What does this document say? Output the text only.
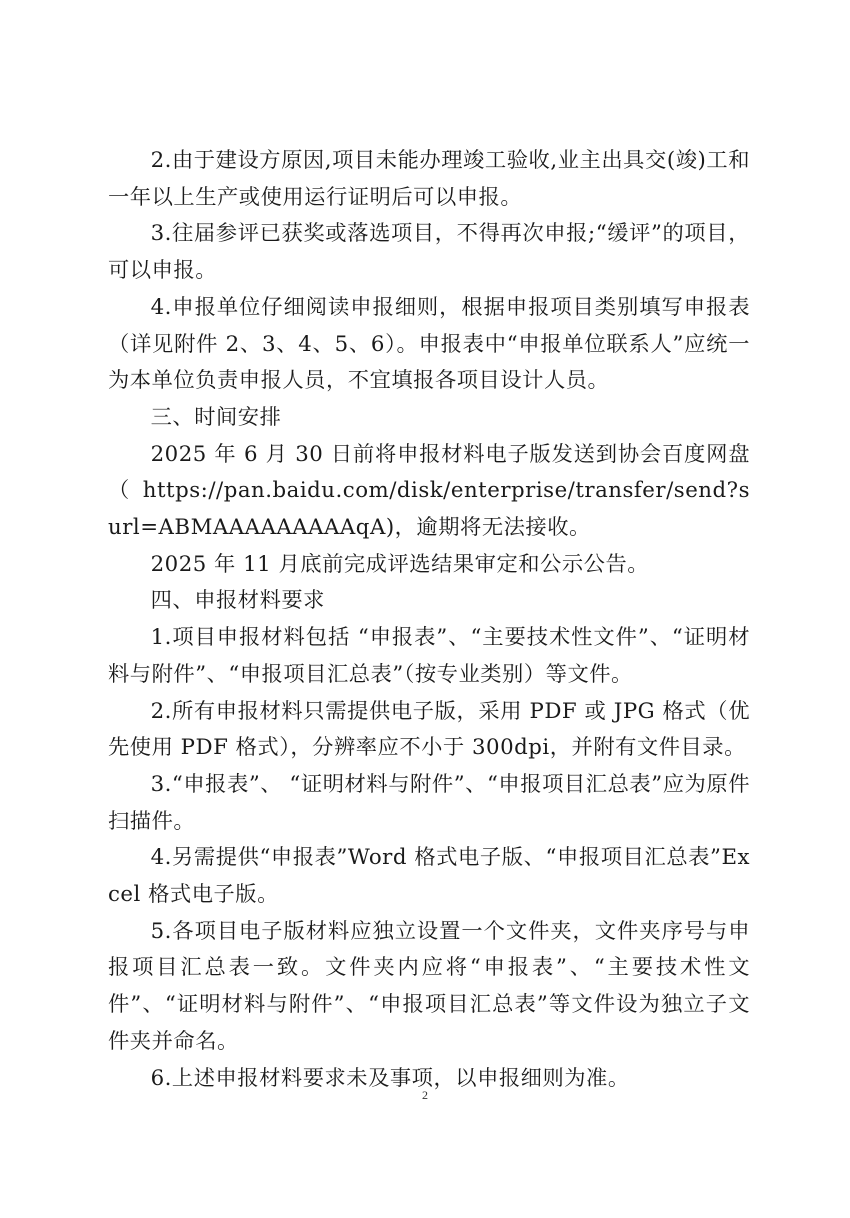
2.由于建设方原因,项目未能办理竣工验收,业主出具交(竣)工和一年以上生产或使用运行证明后可以申报。

3.往届参评已获奖或落选项目，不得再次申报;“缓评”的项目，可以申报。

4.申报单位仔细阅读申报细则，根据申报项目类别填写申报表（详见附件 2、3、4、5、6）。申报表中“申报单位联系人”应统一为本单位负责申报人员，不宜填报各项目设计人员。

三、时间安排

2025 年 6 月 30 日前将申报材料电子版发送到协会百度网盘（https://pan.baidu.com/disk/enterprise/transfer/send?surl=ABMAAAAAAAAAqA)，逾期将无法接收。

2025 年 11 月底前完成评选结果审定和公示公告。

四、申报材料要求

1.项目申报材料包括 “申报表”、“主要技术性文件”、“证明材料与附件”、“申报项目汇总表”（按专业类别）等文件。

2.所有申报材料只需提供电子版，采用 PDF 或 JPG 格式（优先使用 PDF 格式），分辨率应不小于 300dpi，并附有文件目录。

3.“申报表”、 “证明材料与附件”、“申报项目汇总表”应为原件扫描件。

4.另需提供“申报表”Word 格式电子版、“申报项目汇总表”Excel 格式电子版。

5.各项目电子版材料应独立设置一个文件夹，文件夹序号与申报项目汇总表一致。文件夹内应将“申报表”、“主要技术性文件”、“证明材料与附件”、“申报项目汇总表”等文件设为独立子文件夹并命名。

6.上述申报材料要求未及事项，以申报细则为准。

2
